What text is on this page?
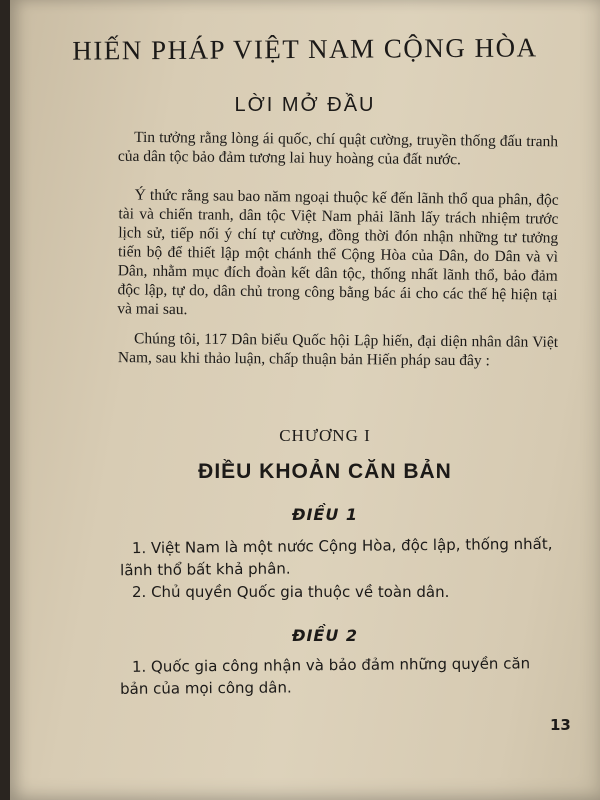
HIẾN PHÁP VIỆT NAM CỘNG HÒA
LỜI MỞ ĐẦU

Tin tưởng rằng lòng ái quốc, chí quật cường, truyền thống đấu tranh của dân tộc bảo đảm tương lai huy hoàng của đất nước.

Ý thức rằng sau bao năm ngoại thuộc kế đến lãnh thổ qua phân, độc tài và chiến tranh, dân tộc Việt Nam phải lãnh lấy trách nhiệm trước lịch sử, tiếp nối ý chí tự cường, đồng thời đón nhận những tư tưởng tiến bộ để thiết lập một chánh thể Cộng Hòa của Dân, do Dân và vì Dân, nhằm mục đích đoàn kết dân tộc, thống nhất lãnh thổ, bảo đảm độc lập, tự do, dân chủ trong công bằng bác ái cho các thế hệ hiện tại và mai sau.

Chúng tôi, 117 Dân biểu Quốc hội Lập hiến, đại diện nhân dân Việt Nam, sau khi thảo luận, chấp thuận bản Hiến pháp sau đây :

CHƯƠNG I
ĐIỀU KHOẢN CĂN BẢN
ĐIỀU 1

1. Việt Nam là một nước Cộng Hòa, độc lập, thống nhất, lãnh thổ bất khả phân.

2. Chủ quyền Quốc gia thuộc về toàn dân.

ĐIỀU 2

1. Quốc gia công nhận và bảo đảm những quyền căn bản của mọi công dân.

13
